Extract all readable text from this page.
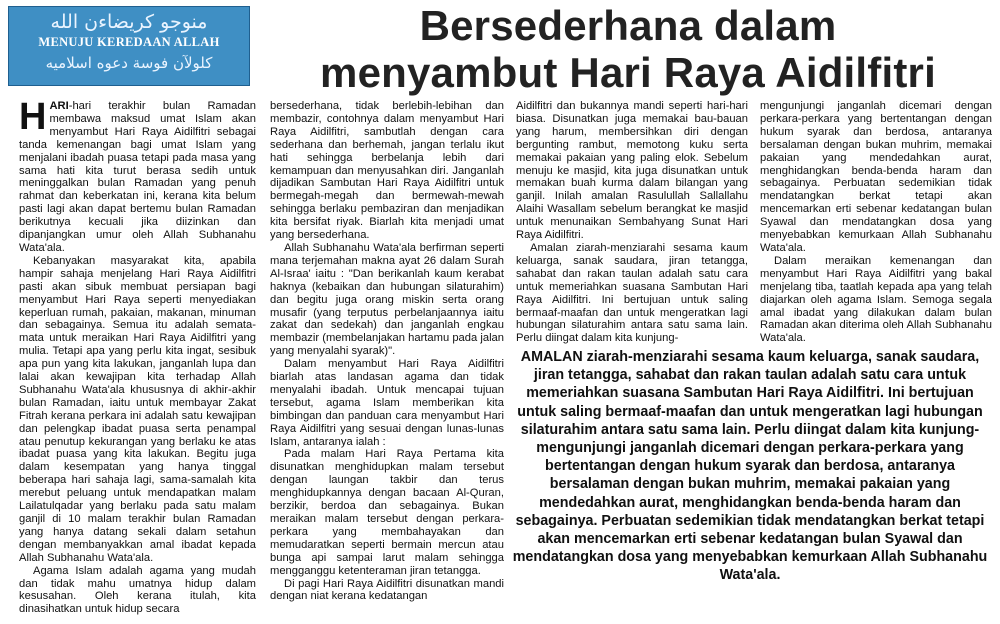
منوجو كريضاءن الله
MENUJU KEREDAAN ALLAH
كلولآن فوسة دعوه اسلاميه
Bersederhana dalam
menyambut Hari Raya Aidilfitri

HARI-hari terakhir bulan Ramadan membawa maksud umat Islam akan menyambut Hari Raya Aidilfitri sebagai tanda kemenangan bagi umat Islam yang menjalani ibadah puasa tetapi pada masa yang sama hati kita turut berasa sedih untuk meninggalkan bulan Ramadan yang penuh rahmat dan keberkatan ini, kerana kita belum pasti lagi akan dapat bertemu bulan Ramadan berikutnya kecuali jika diizinkan dan dipanjangkan umur oleh Allah Subhanahu Wata'ala.

Kebanyakan masyarakat kita, apabila hampir sahaja menjelang Hari Raya Aidilfitri pasti akan sibuk membuat persiapan bagi menyambut Hari Raya seperti menyediakan keperluan rumah, pakaian, makanan, minuman dan sebagainya. Semua itu adalah semata-mata untuk meraikan Hari Raya Aidilfitri yang mulia. Tetapi apa yang perlu kita ingat, sesibuk apa pun yang kita lakukan, janganlah lupa dan lalai akan kewajipan kita terhadap Allah Subhanahu Wata'ala khususnya di akhir-akhir bulan Ramadan, iaitu untuk membayar Zakat Fitrah kerana perkara ini adalah satu kewajipan dan pelengkap ibadat puasa serta penampal atau penutup kekurangan yang berlaku ke atas ibadat puasa yang kita lakukan. Begitu juga dalam kesempatan yang hanya tinggal beberapa hari sahaja lagi, sama-samalah kita merebut peluang untuk mendapatkan malam Lailatulqadar yang berlaku pada satu malam ganjil di 10 malam terakhir bulan Ramadan yang hanya datang sekali dalam setahun dengan membanyakkan amal ibadat kepada Allah Subhanahu Wata'ala.

Agama Islam adalah agama yang mudah dan tidak mahu umatnya hidup dalam kesusahan. Oleh kerana itulah, kita dinasihatkan untuk hidup secara

bersederhana, tidak berlebih-lebihan dan membazir, contohnya dalam menyambut Hari Raya Aidilfitri, sambutlah dengan cara sederhana dan berhemah, jangan terlalu ikut hati sehingga berbelanja lebih dari kemampuan dan menyusahkan diri. Janganlah dijadikan Sambutan Hari Raya Aidilfitri untuk bermegah-megah dan bermewah-mewah sehingga berlaku pembaziran dan menjadikan kita bersifat riyak. Biarlah kita menjadi umat yang bersederhana.

Allah Subhanahu Wata'ala berfirman seperti mana terjemahan makna ayat 26 dalam Surah Al-Israa' iaitu : "Dan berikanlah kaum kerabat haknya (kebaikan dan hubungan silaturahim) dan begitu juga orang miskin serta orang musafir (yang terputus perbelanjaannya iaitu zakat dan sedekah) dan janganlah engkau membazir (membelanjakan hartamu pada jalan yang menyalahi syarak)".

Dalam menyambut Hari Raya Aidilfitri biarlah atas landasan agama dan tidak menyalahi ibadah. Untuk mencapai tujuan tersebut, agama Islam memberikan kita bimbingan dan panduan cara menyambut Hari Raya Aidilfitri yang sesuai dengan lunas-lunas Islam, antaranya ialah :

Pada malam Hari Raya Pertama kita disunatkan menghidupkan malam tersebut dengan laungan takbir dan terus menghidupkannya dengan bacaan Al-Quran, berzikir, berdoa dan sebagainya. Bukan meraikan malam tersebut dengan perkara-perkara yang membahayakan dan memudaratkan seperti bermain mercun atau bunga api sampai larut malam sehingga mengganggu ketenteraman jiran tetangga.

Di pagi Hari Raya Aidilfitri disunatkan mandi dengan niat kerana kedatangan

Aidilfitri dan bukannya mandi seperti hari-hari biasa. Disunatkan juga memakai bau-bauan yang harum, membersihkan diri dengan bergunting rambut, memotong kuku serta memakai pakaian yang paling elok. Sebelum menuju ke masjid, kita juga disunatkan untuk memakan buah kurma dalam bilangan yang ganjil. Inilah amalan Rasulullah Sallallahu Alaihi Wasallam sebelum berangkat ke masjid untuk menunaikan Sembahyang Sunat Hari Raya Aidilfitri.

Amalan ziarah-menziarahi sesama kaum keluarga, sanak saudara, jiran tetangga, sahabat dan rakan taulan adalah satu cara untuk memeriahkan suasana Sambutan Hari Raya Aidilfitri. Ini bertujuan untuk saling bermaaf-maafan dan untuk mengeratkan lagi hubungan silaturahim antara satu sama lain. Perlu diingat dalam kita kunjung-

mengunjungi janganlah dicemari dengan perkara-perkara yang bertentangan dengan hukum syarak dan berdosa, antaranya bersalaman dengan bukan muhrim, memakai pakaian yang mendedahkan aurat, menghidangkan benda-benda haram dan sebagainya. Perbuatan sedemikian tidak mendatangkan berkat tetapi akan mencemarkan erti sebenar kedatangan bulan Syawal dan mendatangkan dosa yang menyebabkan kemurkaan Allah Subhanahu Wata'ala.

Dalam meraikan kemenangan dan menyambut Hari Raya Aidilfitri yang bakal menjelang tiba, taatlah kepada apa yang telah diajarkan oleh agama Islam. Semoga segala amal ibadat yang dilakukan dalam bulan Ramadan akan diterima oleh Allah Subhanahu Wata'ala.

AMALAN ziarah-menziarahi sesama kaum keluarga, sanak saudara, jiran tetangga, sahabat dan rakan taulan adalah satu cara untuk memeriahkan suasana Sambutan Hari Raya Aidilfitri. Ini bertujuan untuk saling bermaaf-maafan dan untuk mengeratkan lagi hubungan silaturahim antara satu sama lain. Perlu diingat dalam kita kunjung-mengunjungi janganlah dicemari dengan perkara-perkara yang bertentangan dengan hukum syarak dan berdosa, antaranya bersalaman dengan bukan muhrim, memakai pakaian yang mendedahkan aurat, menghidangkan benda-benda haram dan sebagainya. Perbuatan sedemikian tidak mendatangkan berkat tetapi akan mencemarkan erti sebenar kedatangan bulan Syawal dan mendatangkan dosa yang menyebabkan kemurkaan Allah Subhanahu Wata'ala.
